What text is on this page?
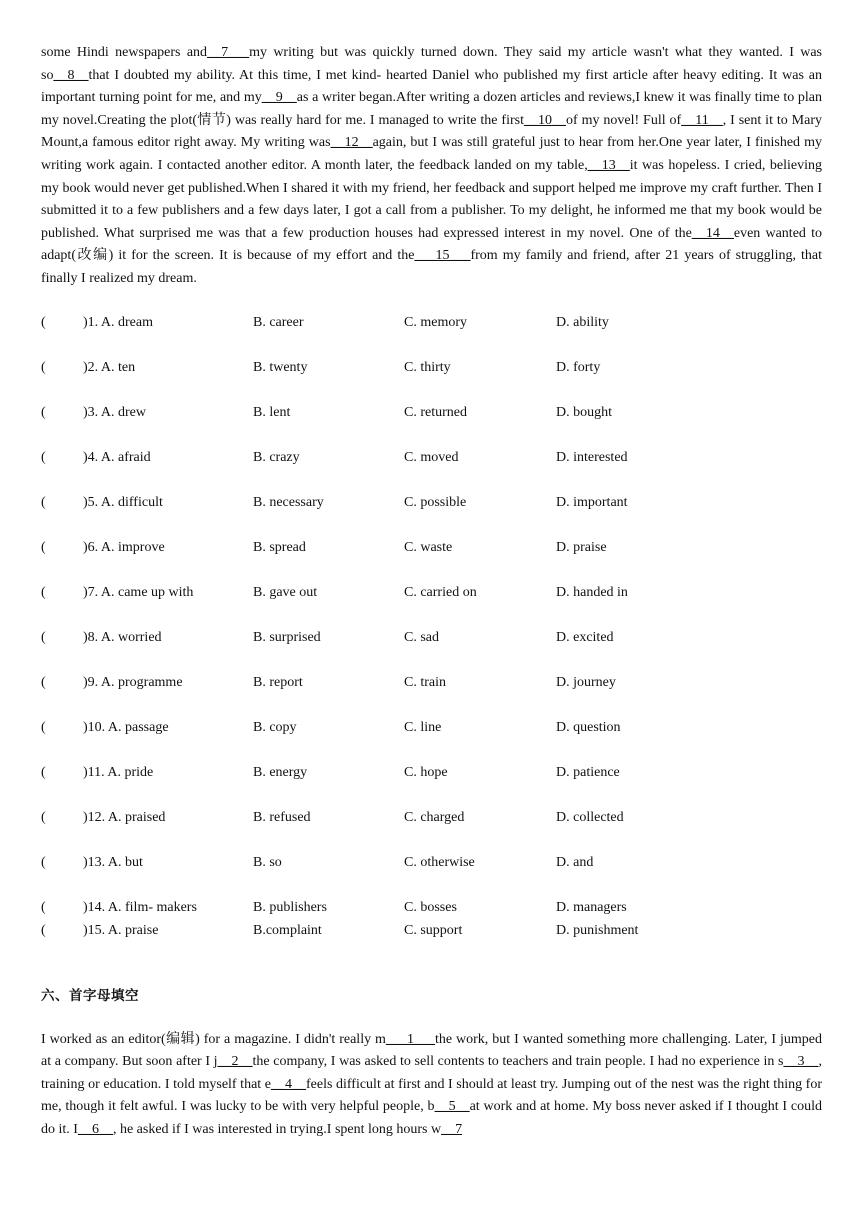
some Hindi newspapers and__7___my writing but was quickly turned down. They said my article wasn't what they wanted. I was so__8__that I doubted my ability. At this time, I met kind- hearted Daniel who published my first article after heavy editing. It was an important turning point for me, and my__9__as a writer began.After writing a dozen articles and reviews,I knew it was finally time to plan my novel.Creating the plot(情节) was really hard for me. I managed to write the first__10__of my novel! Full of__11__, I sent it to Mary Mount,a famous editor right away. My writing was__12__again, but I was still grateful just to hear from her.One year later, I finished my writing work again. I contacted another editor. A month later, the feedback landed on my table,__13__it was hopeless. I cried, believing my book would never get published.When I shared it with my friend, her feedback and support helped me improve my craft further. Then I submitted it to a few publishers and a few days later, I got a call from a publisher. To my delight, he informed me that my book would be published. What surprised me was that a few production houses had expressed interest in my novel. One of the__14__even wanted to adapt(改编) it for the screen. It is because of my effort and the___15___from my family and friend, after 21 years of struggling, that finally I realized my dream.

(	)1. A. dream	B. career	C. memory	D. ability
(	)2. A. ten	B. twenty	C. thirty	D. forty
(	)3. A. drew	B. lent	C. returned	D. bought
(	)4. A. afraid	B. crazy	C. moved	D. interested
(	)5. A. difficult	B. necessary	C. possible	D. important
(	)6. A. improve	B. spread	C. waste	D. praise
(	)7. A. came up with	B. gave out	C. carried on	D. handed in
(	)8. A. worried	B. surprised	C. sad	D. excited
(	)9. A. programme	B. report	C. train	D. journey
(	)10. A. passage	B. copy	C. line	D. question
(	)11. A. pride	B. energy	C. hope	D. patience
(	)12. A. praised	B. refused	C. charged	D. collected
(	)13. A. but	B. so	C. otherwise	D. and
(	)14. A. film- makers	B. publishers	C. bosses	D. managers
(	)15. A. praise	B.complaint	C. support	D. punishment
六、首字母填空

I worked as an editor(编辑) for a magazine. I didn't really m___1___the work, but I wanted something more challenging. Later, I jumped at a company. But soon after I j__2__the company, I was asked to sell contents to teachers and train people. I had no experience in s__3__, training or education. I told myself that e__4__feels difficult at first and I should at least try. Jumping out of the nest was the right thing for me, though it felt awful. I was lucky to be with very helpful people, b__5__at work and at home. My boss never asked if I thought I could do it. I__6__, he asked if I was interested in trying.I spent long hours w__7
